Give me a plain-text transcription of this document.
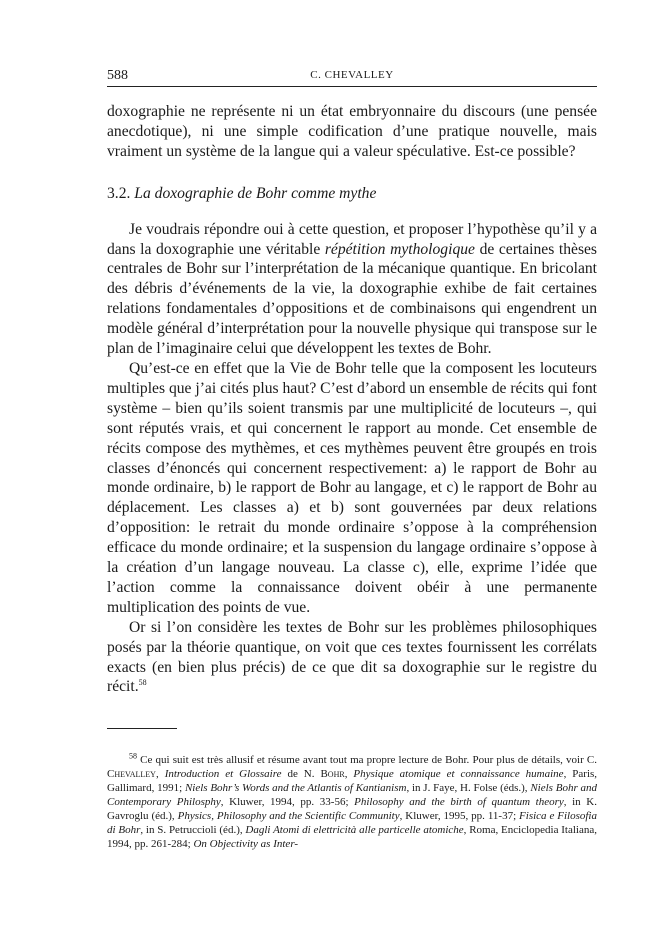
588	C. CHEVALLEY

doxographie ne représente ni un état embryonnaire du discours (une pensée anecdotique), ni une simple codification d’une pratique nouvelle, mais vraiment un système de la langue qui a valeur spéculative. Est-ce possible?

3.2. La doxographie de Bohr comme mythe

Je voudrais répondre oui à cette question, et proposer l’hypothèse qu’il y a dans la doxographie une véritable répétition mythologique de certaines thèses centrales de Bohr sur l’interprétation de la mécanique quantique. En bricolant des débris d’événements de la vie, la doxographie exhibe de fait certaines relations fondamentales d’oppositions et de combinaisons qui engendrent un modèle général d’interprétation pour la nouvelle physique qui transpose sur le plan de l’imaginaire celui que développent les textes de Bohr.

Qu’est-ce en effet que la Vie de Bohr telle que la composent les locuteurs multiples que j’ai cités plus haut? C’est d’abord un ensemble de récits qui font système – bien qu’ils soient transmis par une multiplicité de locuteurs –, qui sont réputés vrais, et qui concernent le rapport au monde. Cet ensemble de récits compose des mythèmes, et ces mythèmes peuvent être groupés en trois classes d’énoncés qui concernent respectivement: a) le rapport de Bohr au monde ordinaire, b) le rapport de Bohr au langage, et c) le rapport de Bohr au déplacement. Les classes a) et b) sont gouvernées par deux relations d’opposition: le retrait du monde ordinaire s’oppose à la compréhension efficace du monde ordinaire; et la suspension du langage ordinaire s’oppose à la création d’un langage nouveau. La classe c), elle, exprime l’idée que l’action comme la connaissance doivent obéir à une permanente multiplication des points de vue.

Or si l’on considère les textes de Bohr sur les problèmes philosophiques posés par la théorie quantique, on voit que ces textes fournissent les corrélats exacts (en bien plus précis) de ce que dit sa doxographie sur le registre du récit.$^{58}$

$^{58}$ Ce qui suit est très allusif et résume avant tout ma propre lecture de Bohr. Pour plus de détails, voir C. Chevalley, Introduction et Glossaire de N. Bohr, Physique atomique et connaissance humaine, Paris, Gallimard, 1991; Niels Bohr’s Words and the Atlantis of Kantianism, in J. Faye, H. Folse (éds.), Niels Bohr and Contemporary Philosphy, Kluwer, 1994, pp. 33-56; Philosophy and the birth of quantum theory, in K. Gavroglu (éd.), Physics, Philosophy and the Scientific Community, Kluwer, 1995, pp. 11-37; Fisica e Filosofia di Bohr, in S. Petruccioli (éd.), Dagli Atomi di elettricità alle particelle atomiche, Roma, Enciclopedia Italiana, 1994, pp. 261-284; On Objectivity as Inter-
